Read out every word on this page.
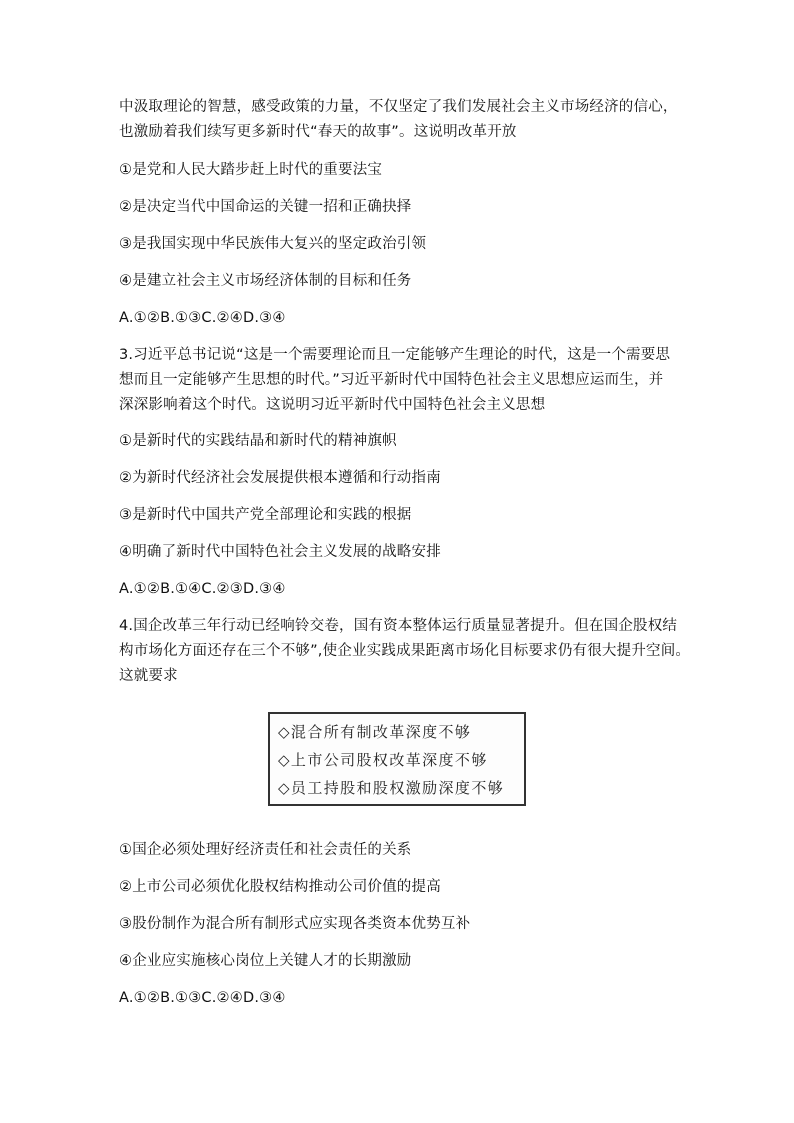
中汲取理论的智慧，感受政策的力量，不仅坚定了我们发展社会主义市场经济的信心，
也激励着我们续写更多新时代“春天的故事”。这说明改革开放
①是党和人民大踏步赶上时代的重要法宝
②是决定当代中国命运的关键一招和正确抉择
③是我国实现中华民族伟大复兴的坚定政治引领
④是建立社会主义市场经济体制的目标和任务
A.①②B.①③C.②④D.③④
3.习近平总书记说“这是一个需要理论而且一定能够产生理论的时代，这是一个需要思
想而且一定能够产生思想的时代。”习近平新时代中国特色社会主义思想应运而生，并
深深影响着这个时代。这说明习近平新时代中国特色社会主义思想
①是新时代的实践结晶和新时代的精神旗帜
②为新时代经济社会发展提供根本遵循和行动指南
③是新时代中国共产党全部理论和实践的根据
④明确了新时代中国特色社会主义发展的战略安排
A.①②B.①④C.②③D.③④
4.国企改革三年行动已经响铃交卷，国有资本整体运行质量显著提升。但在国企股权结
构市场化方面还存在三个不够”,使企业实践成果距离市场化目标要求仍有很大提升空间。
这就要求
◇混合所有制改革深度不够
◇上市公司股权改革深度不够
◇员工持股和股权激励深度不够
①国企必须处理好经济责任和社会责任的关系
②上市公司必须优化股权结构推动公司价值的提高
③股份制作为混合所有制形式应实现各类资本优势互补
④企业应实施核心岗位上关键人才的长期激励
A.①②B.①③C.②④D.③④
